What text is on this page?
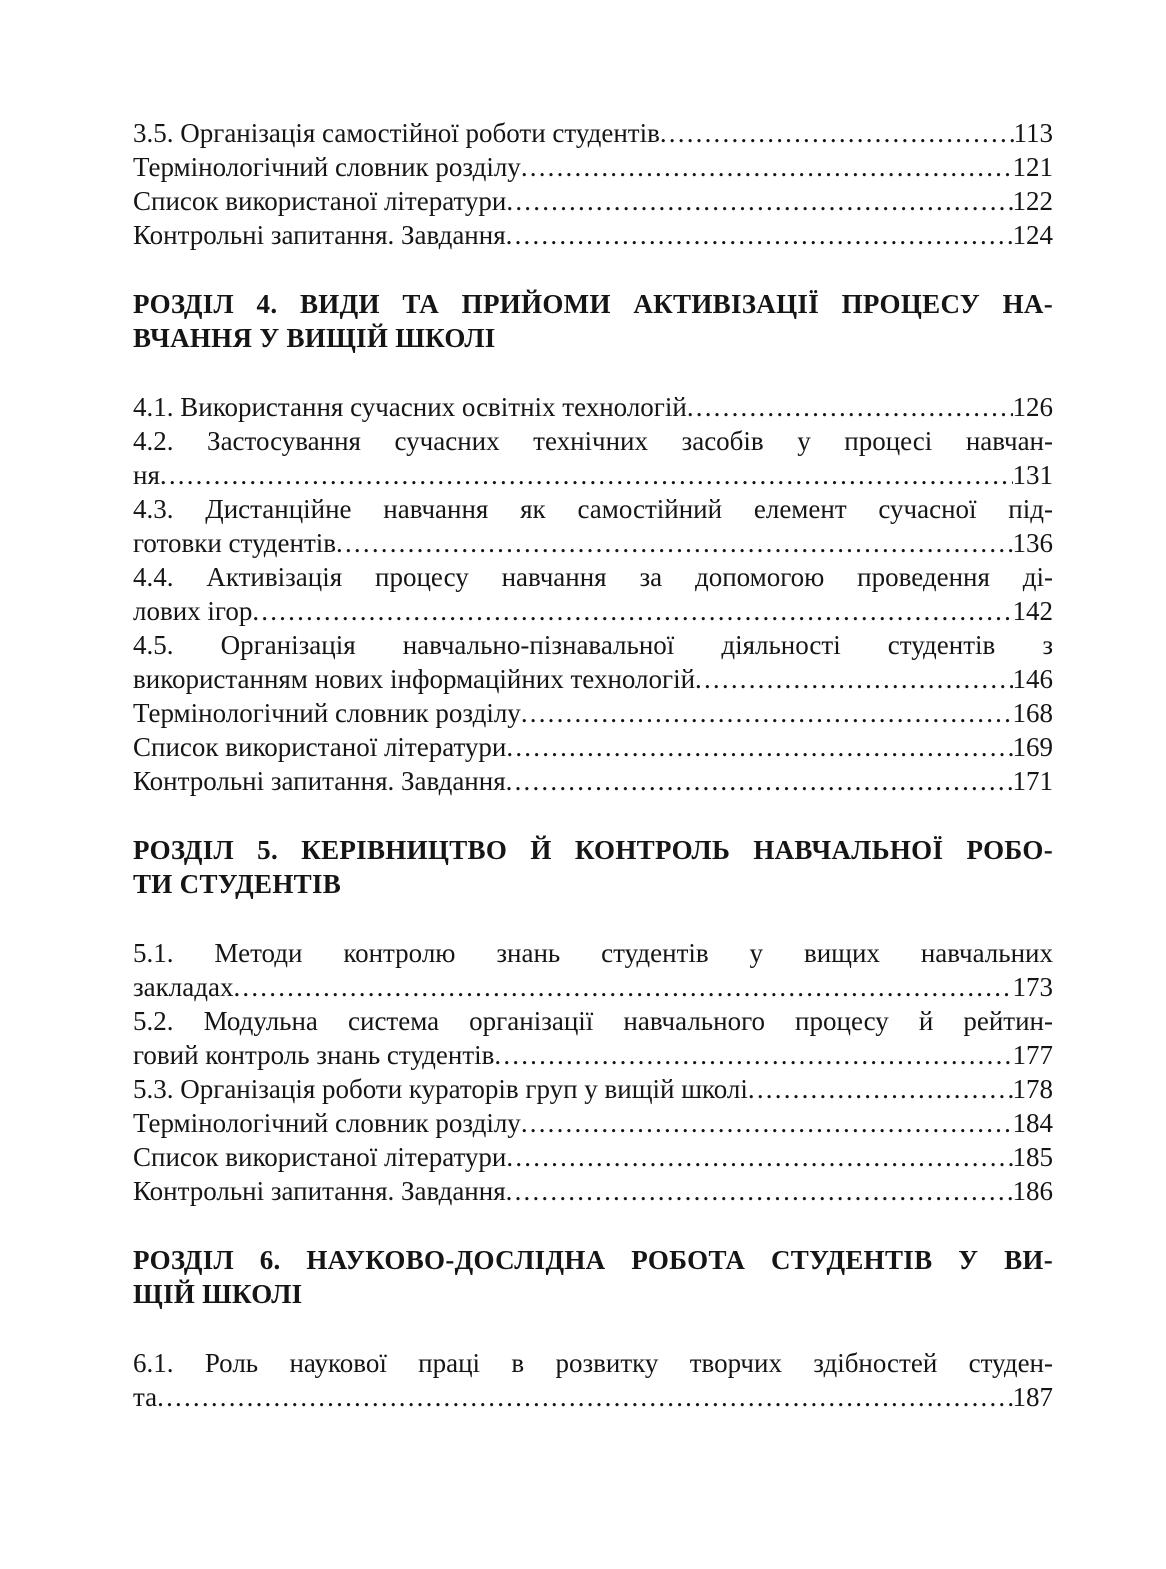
3.5. Організація самостійної роботи студентів .....	113
Термінологічний словник розділу .....	121
Список використаної літератури .....	122
Контрольні запитання. Завдання .....	124
РОЗДІЛ 4. ВИДИ ТА ПРИЙОМИ АКТИВІЗАЦІЇ ПРОЦЕСУ НА-
ВЧАННЯ У ВИЩІЙ ШКОЛІ
4.1. Використання сучасних освітніх технологій .....	126
4.2. Застосування сучасних технічних засобів у процесі навчан-
ня .....	131
4.3. Дистанційне навчання як самостійний елемент сучасної під-
готовки студентів .....	136
4.4. Активізація процесу навчання за допомогою проведення ді-
лових ігор .....	142
4.5. Організація навчально-пізнавальної діяльності студентів з
використанням нових інформаційних технологій .....	146
Термінологічний словник розділу .....	168
Список використаної літератури .....	169
Контрольні запитання. Завдання .....	171
РОЗДІЛ 5. КЕРІВНИЦТВО Й КОНТРОЛЬ НАВЧАЛЬНОЇ РОБО-
ТИ СТУДЕНТІВ
5.1. Методи контролю знань студентів у вищих навчальних
закладах .....	173
5.2. Модульна система організації навчального процесу й рейтин-
говий контроль знань студентів .....	177
5.3. Організація роботи кураторів груп у вищій школі .....	178
Термінологічний словник розділу .....	184
Список використаної літератури .....	185
Контрольні запитання. Завдання .....	186
РОЗДІЛ 6. НАУКОВО-ДОСЛІДНА РОБОТА СТУДЕНТІВ У ВИ-
ЩІЙ ШКОЛІ
6.1. Роль наукової праці в розвитку творчих здібностей студен-
та .....	187
